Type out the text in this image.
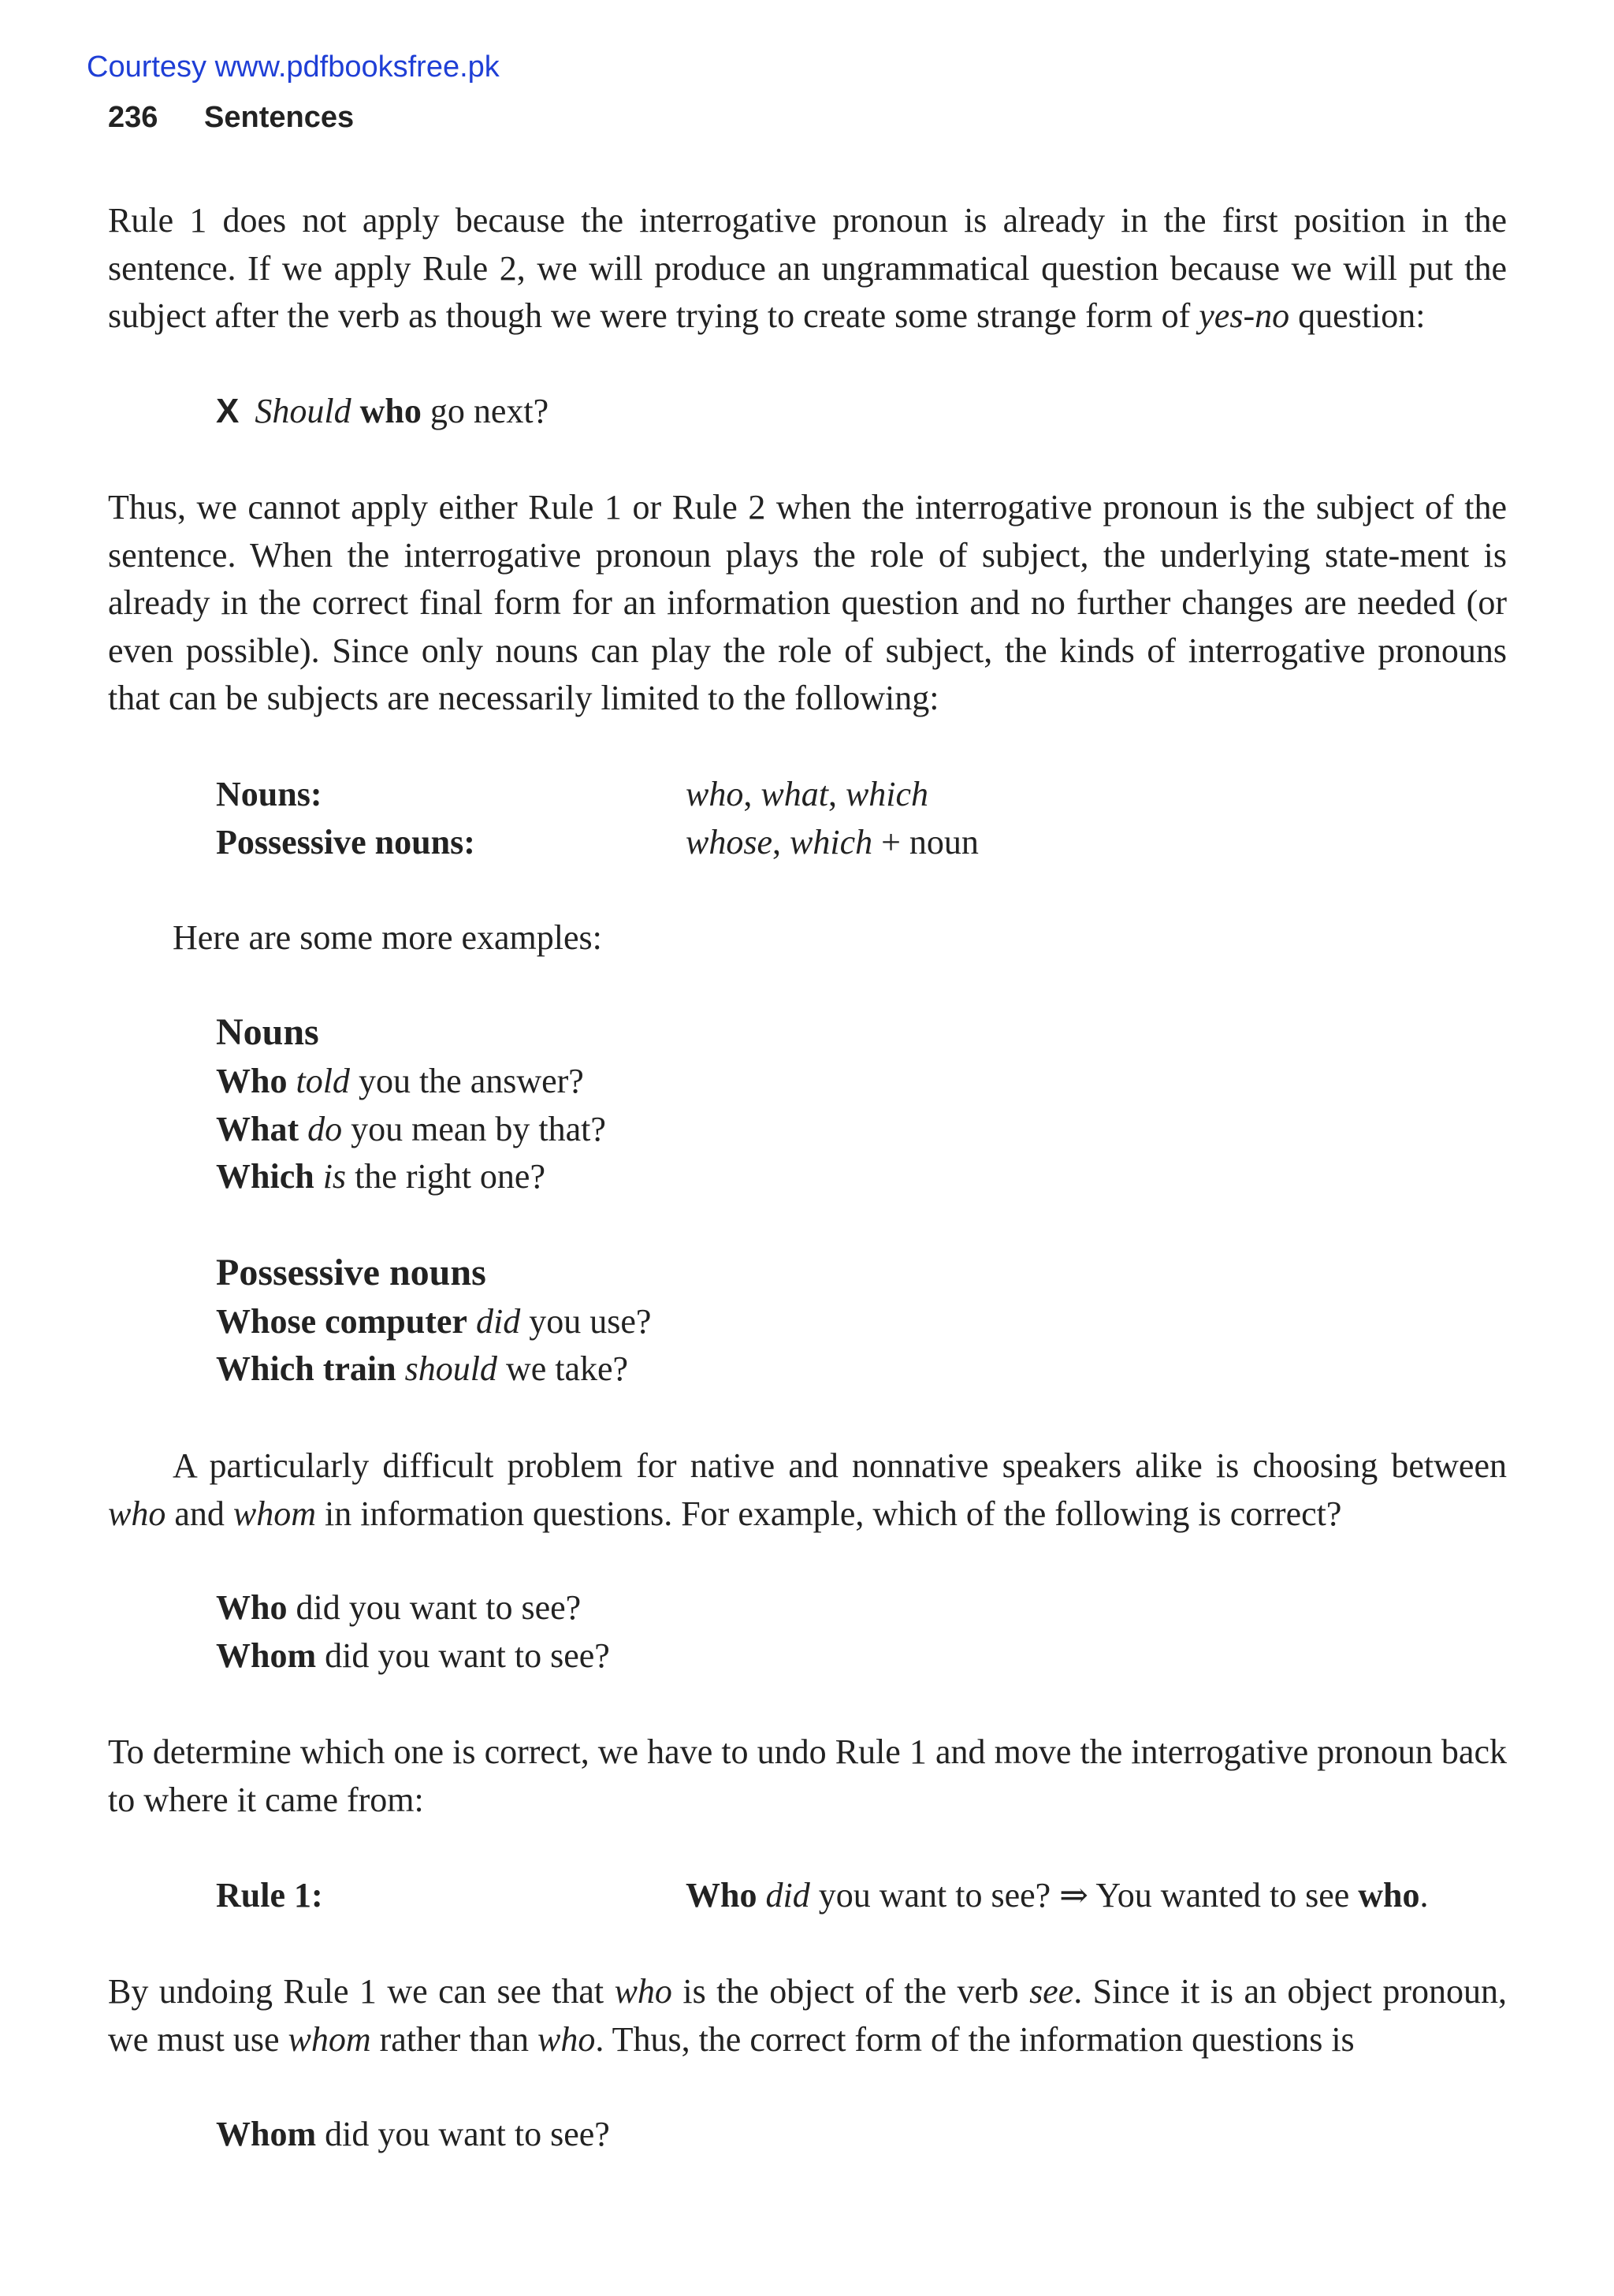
Courtesy www.pdfbooksfree.pk
236 Sentences

Rule 1 does not apply because the interrogative pronoun is already in the first position in the sentence. If we apply Rule 2, we will produce an ungrammatical question because we will put the subject after the verb as though we were trying to create some strange form of yes-no question:

X Should who go next?

Thus, we cannot apply either Rule 1 or Rule 2 when the interrogative pronoun is the subject of the sentence. When the interrogative pronoun plays the role of subject, the underlying state-ment is already in the correct final form for an information question and no further changes are needed (or even possible). Since only nouns can play the role of subject, the kinds of interrogative pronouns that can be subjects are necessarily limited to the following:

Nouns:	who, what, which
Possessive nouns:	whose, which + noun

Here are some more examples:

Nouns
Who told you the answer?
What do you mean by that?
Which is the right one?
Possessive nouns
Whose computer did you use?
Which train should we take?

A particularly difficult problem for native and nonnative speakers alike is choosing between who and whom in information questions. For example, which of the following is correct?

Who did you want to see?
Whom did you want to see?

To determine which one is correct, we have to undo Rule 1 and move the interrogative pronoun back to where it came from:

Rule 1:	Who did you want to see? ⇒ You wanted to see who.

By undoing Rule 1 we can see that who is the object of the verb see. Since it is an object pronoun, we must use whom rather than who. Thus, the correct form of the information questions is

Whom did you want to see?
